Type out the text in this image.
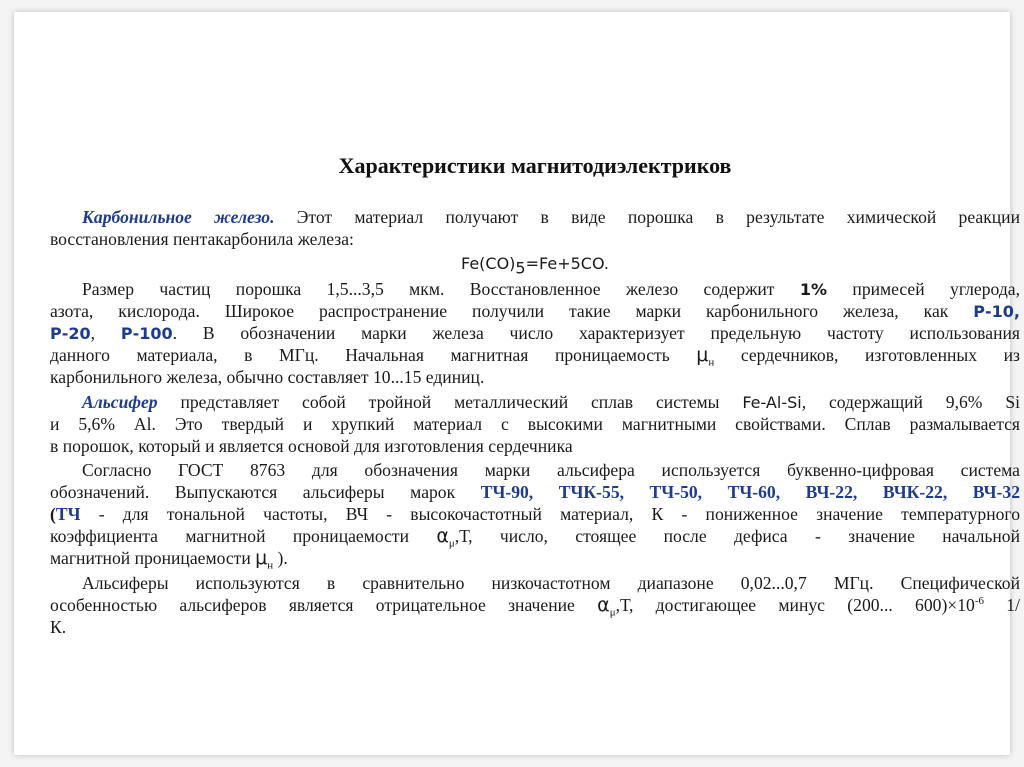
Характеристики магнитодиэлектриков
Карбонильное железо. Этот материал получают в виде порошка в результате химической реакции
восстановления пентакарбонила железа:
$Fe(CO)_5=Fe+5CO$.
Размер частиц порошка 1,5...3,5 мкм. Восстановленное железо содержит 1% примесей углерода,
азота, кислорода. Широкое распространение получили такие марки карбонильного железа, как Р-10,
Р-20, Р-100. В обозначении марки железа число характеризует предельную частоту использования
данного материала, в МГц. Начальная магнитная проницаемость $\mu_н$ сердечников, изготовленных из
карбонильного железа, обычно составляет 10...15 единиц.
Альсифер представляет собой тройной металлический сплав системы Fe-Al-Si, содержащий 9,6% Si
и 5,6% Al. Это твердый и хрупкий материал с высокими магнитными свойствами. Сплав размалывается
в порошок, который и является основой для изготовления сердечника
Согласно ГОСТ 8763 для обозначения марки альсифера используется буквенно-цифровая система
обозначений. Выпускаются альсиферы марок ТЧ-90, ТЧК-55, ТЧ-50, ТЧ-60, ВЧ-22, ВЧК-22, ВЧ-32
(ТЧ - для тональной частоты, ВЧ - высокочастотный материал, К - пониженное значение температурного
коэффициента магнитной проницаемости $\alpha_\mu,Т$, число, стоящее после дефиса - значение начальной
магнитной проницаемости $\mu_н$ ).
Альсиферы используются в сравнительно низкочастотном диапазоне 0,02...0,7 МГц. Специфической
особенностью альсиферов является отрицательное значение $\alpha_\mu,Т$, достигающее минус (200... $600)\times 10^{-6}$ 1/
К.
